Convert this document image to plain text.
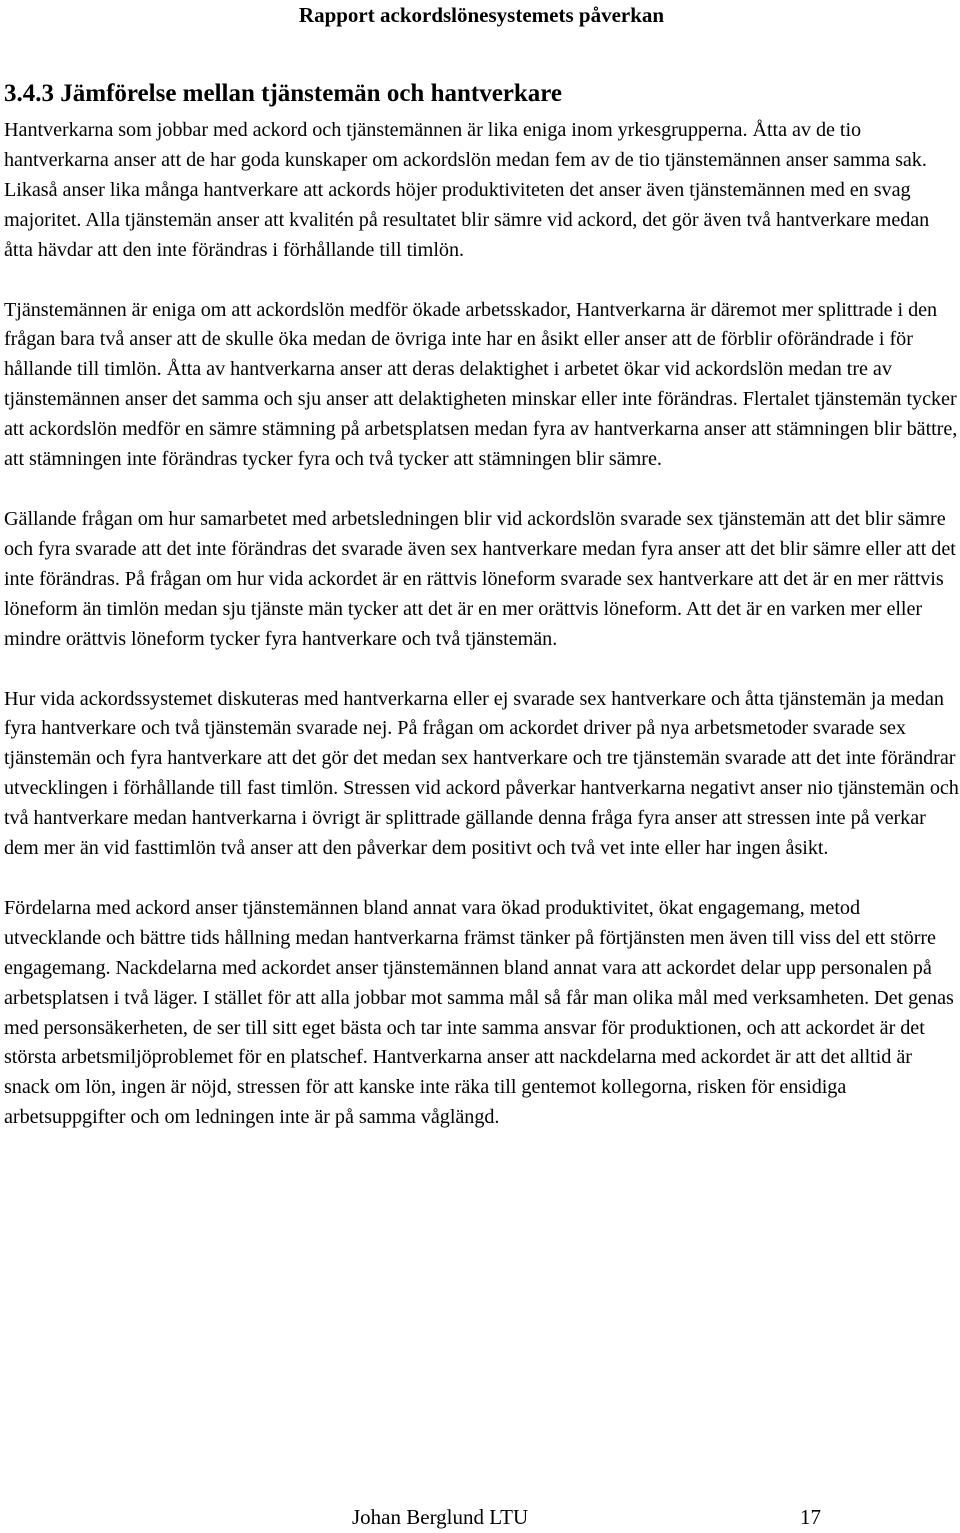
Rapport ackordslönesystemets påverkan
3.4.3 Jämförelse mellan tjänstemän och hantverkare

Hantverkarna som jobbar med ackord och tjänstemännen är lika eniga inom yrkesgrupperna. Åtta av de tio hantverkarna anser att de har goda kunskaper om ackordslön medan fem av de tio tjänstemännen anser samma sak. Likaså anser lika många hantverkare att ackords höjer produktiviteten det anser även tjänstemännen med en svag majoritet. Alla tjänstemän anser att kvalitén på resultatet blir sämre vid ackord, det gör även två hantverkare medan åtta hävdar att den inte förändras i förhållande till timlön.

Tjänstemännen är eniga om att ackordslön medför ökade arbetsskador, Hantverkarna är däremot mer splittrade i den frågan bara två anser att de skulle öka medan de övriga inte har en åsikt eller anser att de förblir oförändrade i för hållande till timlön. Åtta av hantverkarna anser att deras delaktighet i arbetet ökar vid ackordslön medan tre av tjänstemännen anser det samma och sju anser att delaktigheten minskar eller inte förändras. Flertalet tjänstemän tycker att ackordslön medför en sämre stämning på arbetsplatsen medan fyra av hantverkarna anser att stämningen blir bättre, att stämningen inte förändras tycker fyra och två tycker att stämningen blir sämre.

Gällande frågan om hur samarbetet med arbetsledningen blir vid ackordslön svarade sex tjänstemän att det blir sämre och fyra svarade att det inte förändras det svarade även sex hantverkare medan fyra anser att det blir sämre eller att det inte förändras. På frågan om hur vida ackordet är en rättvis löneform svarade sex hantverkare att det är en mer rättvis löneform än timlön medan sju tjänste män tycker att det är en mer orättvis löneform. Att det är en varken mer eller mindre orättvis löneform tycker fyra hantverkare och två tjänstemän.

Hur vida ackordssystemet diskuteras med hantverkarna eller ej svarade sex hantverkare och åtta tjänstemän ja medan fyra hantverkare och två tjänstemän svarade nej. På frågan om ackordet driver på nya arbetsmetoder svarade sex tjänstemän och fyra hantverkare att det gör det medan sex hantverkare och tre tjänstemän svarade att det inte förändrar utvecklingen i förhållande till fast timlön. Stressen vid ackord påverkar hantverkarna negativt anser nio tjänstemän och två hantverkare medan hantverkarna i övrigt är splittrade gällande denna fråga fyra anser att stressen inte på verkar dem mer än vid fasttimlön två anser att den påverkar dem positivt och två vet inte eller har ingen åsikt.

Fördelarna med ackord anser tjänstemännen bland annat vara ökad produktivitet, ökat engagemang, metod utvecklande och bättre tids hållning medan hantverkarna främst tänker på förtjänsten men även till viss del ett större engagemang. Nackdelarna med ackordet anser tjänstemännen bland annat vara att ackordet delar upp personalen på arbetsplatsen i två läger. I stället för att alla jobbar mot samma mål så får man olika mål med verksamheten. Det genas med personsäkerheten, de ser till sitt eget bästa och tar inte samma ansvar för produktionen, och att ackordet är det största arbetsmiljöproblemet för en platschef. Hantverkarna anser att nackdelarna med ackordet är att det alltid är snack om lön, ingen är nöjd, stressen för att kanske inte räka till gentemot kollegorna, risken för ensidiga arbetsuppgifter och om ledningen inte är på samma våglängd.

Johan Berglund LTU	17
